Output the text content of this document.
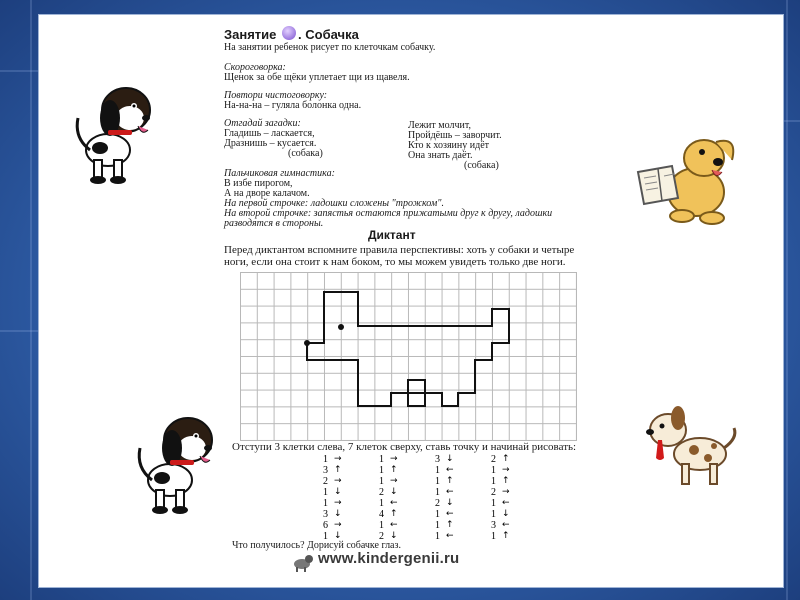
Занятие . Собачка
На занятии ребенок рисует по клеточкам собачку.
Скороговорка:
Щенок за обе щёки уплетает щи из щавеля.
Повтори чистоговорку:
На-на-на – гуляла болонка одна.
Отгадай загадки:
Гладишь – ласкается,
Дразнишь – кусается.
(собака)
Лежит молчит,
Пройдёшь – заворчит.
Кто к хозяину идёт
Она знать даёт.
(собака)
Пальчиковая гимнастика:
В избе пирогом,
А на дворе калачом.
На первой строчке: ладошки сложены "трожком".
На второй строчке: запястья остаются прижатыми друг к другу, ладошки
разводятся в стороны.
Диктант
Перед диктантом вспомните правила перспективы: хоть у собаки и четыре
ноги, если она стоит к нам боком, то мы можем увидеть только две ноги.
Отступи 3 клетки слева, 7 клеток сверху, ставь точку и начинай рисовать:
1 →
3 ↑
2 →
1 ↓
1 →
3 ↓
6 →
1 ↓
1 →
1 ↑
1 →
2 ↓
1 ←
4 ↑
1 ←
2 ↓
3 ↓
1 ←
1 ↑
1 ←
2 ↓
1 ←
1 ↑
1 ←
2 ↑
1 →
1 ↑
2 →
1 ←
1 ↓
3 ←
1 ↑
Что получилось? Дорисуй собачке глаз.
www.kindergenii.ru
